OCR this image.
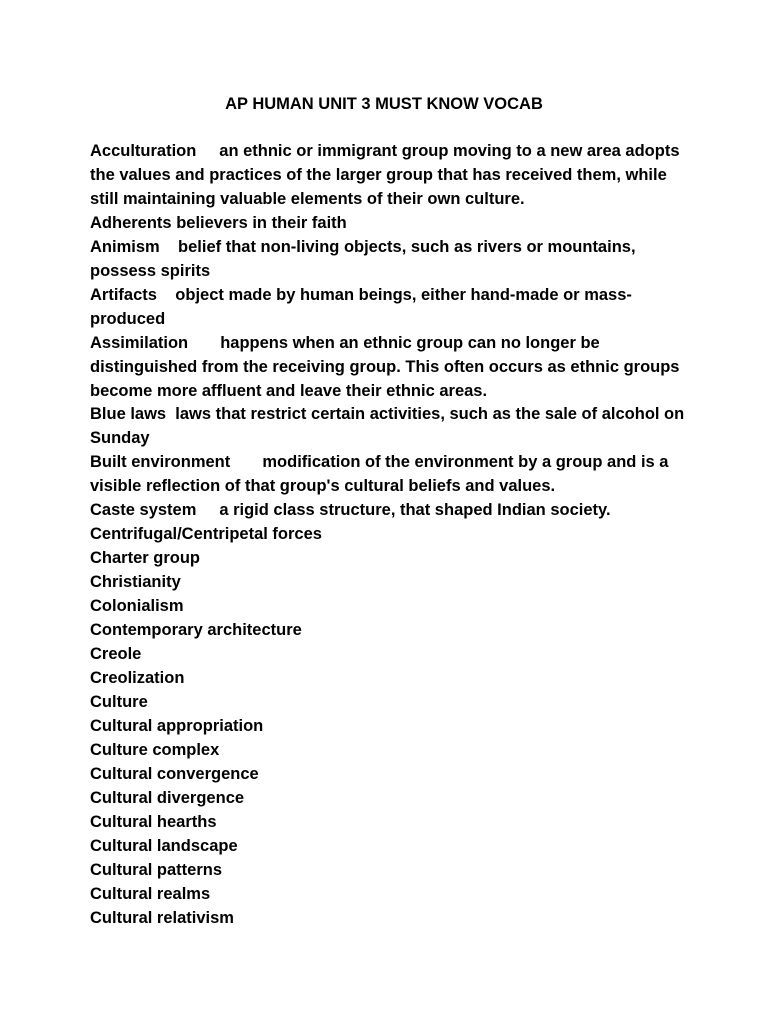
AP HUMAN UNIT 3 MUST KNOW VOCAB
Acculturation an ethnic or immigrant group moving to a new area adopts the values and practices of the larger group that has received them, while still maintaining valuable elements of their own culture.
Adherents believers in their faith
Animism belief that non-living objects, such as rivers or mountains, possess spirits
Artifacts object made by human beings, either hand-made or mass-produced
Assimilation happens when an ethnic group can no longer be distinguished from the receiving group. This often occurs as ethnic groups become more affluent and leave their ethnic areas.
Blue laws laws that restrict certain activities, such as the sale of alcohol on Sunday
Built environment modification of the environment by a group and is a visible reflection of that group's cultural beliefs and values.
Caste system a rigid class structure, that shaped Indian society.
Centrifugal/Centripetal forces
Charter group
Christianity
Colonialism
Contemporary architecture
Creole
Creolization
Culture
Cultural appropriation
Culture complex
Cultural convergence
Cultural divergence
Cultural hearths
Cultural landscape
Cultural patterns
Cultural realms
Cultural relativism
